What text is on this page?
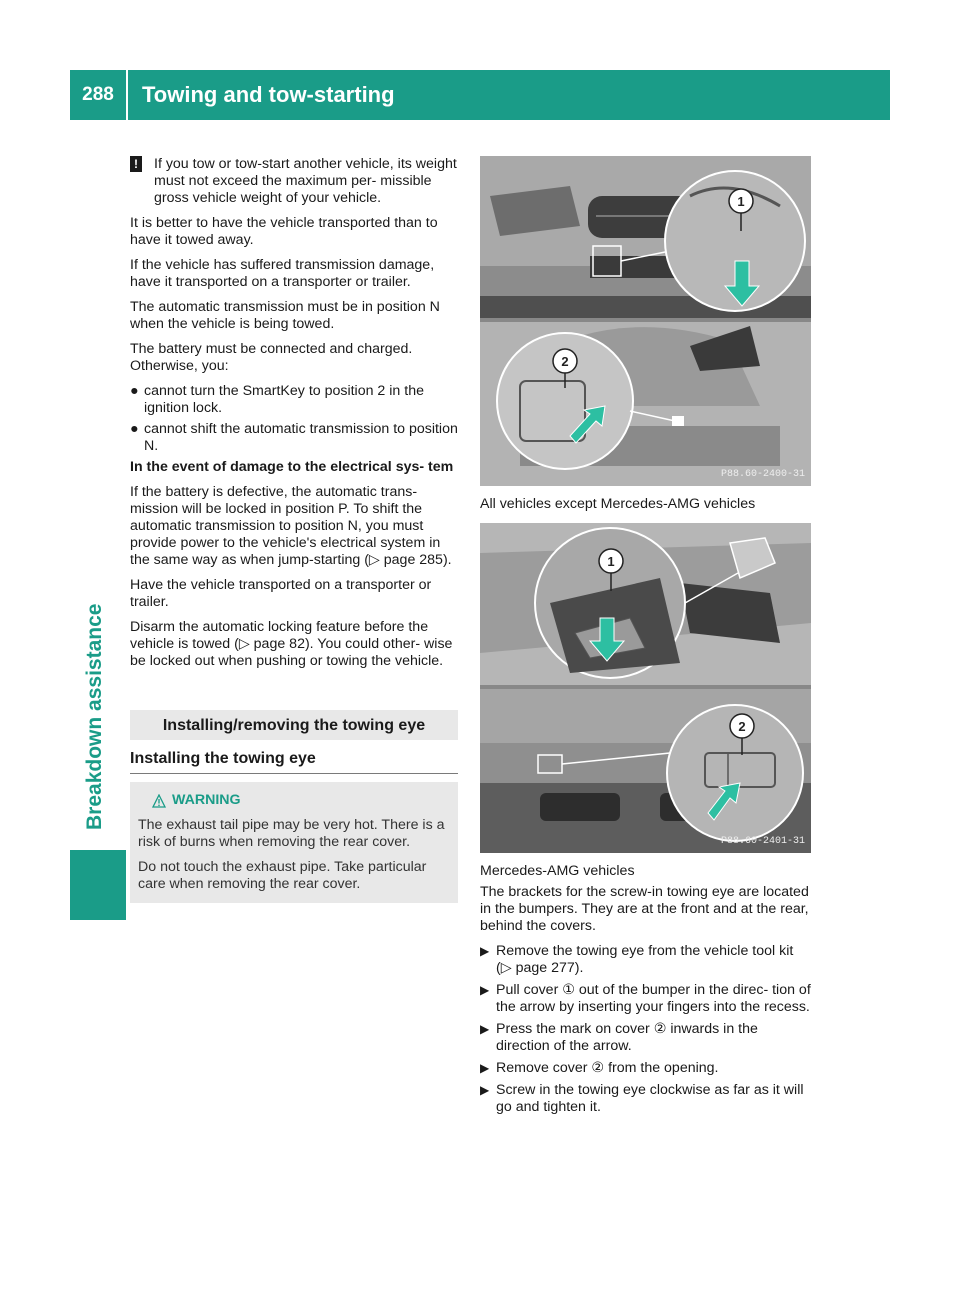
288	Towing and tow-starting
Breakdown assistance

!	If you tow or tow-start another vehicle, its weight must not exceed the maximum per- missible gross vehicle weight of your vehicle.

It is better to have the vehicle transported than to have it towed away.

If the vehicle has suffered transmission damage, have it transported on a transporter or trailer.

The automatic transmission must be in position N when the vehicle is being towed.

The battery must be connected and charged. Otherwise, you:

● cannot turn the SmartKey to position 2 in the ignition lock.
● cannot shift the automatic transmission to position N.
In the event of damage to the electrical sys- tem

If the battery is defective, the automatic trans- mission will be locked in position P. To shift the automatic transmission to position N, you must provide power to the vehicle's electrical system in the same way as when jump-starting (▷ page 285).

Have the vehicle transported on a transporter or trailer.

Disarm the automatic locking feature before the vehicle is towed (▷ page 82). You could other- wise be locked out when pushing or towing the vehicle.

Installing/removing the towing eye
Installing the towing eye
WARNING

The exhaust tail pipe may be very hot. There is a risk of burns when removing the rear cover.

Do not touch the exhaust pipe. Take particular care when removing the rear cover.

1
2
P88.60-2400-31
All vehicles except Mercedes-AMG vehicles
1
2
P88.60-2401-31
Mercedes-AMG vehicles

The brackets for the screw-in towing eye are located in the bumpers. They are at the front and at the rear, behind the covers.

▶ Remove the towing eye from the vehicle tool kit (▷ page 277).
▶ Pull cover ① out of the bumper in the direc- tion of the arrow by inserting your fingers into the recess.
▶ Press the mark on cover ② inwards in the direction of the arrow.
▶ Remove cover ② from the opening.
▶ Screw in the towing eye clockwise as far as it will go and tighten it.
